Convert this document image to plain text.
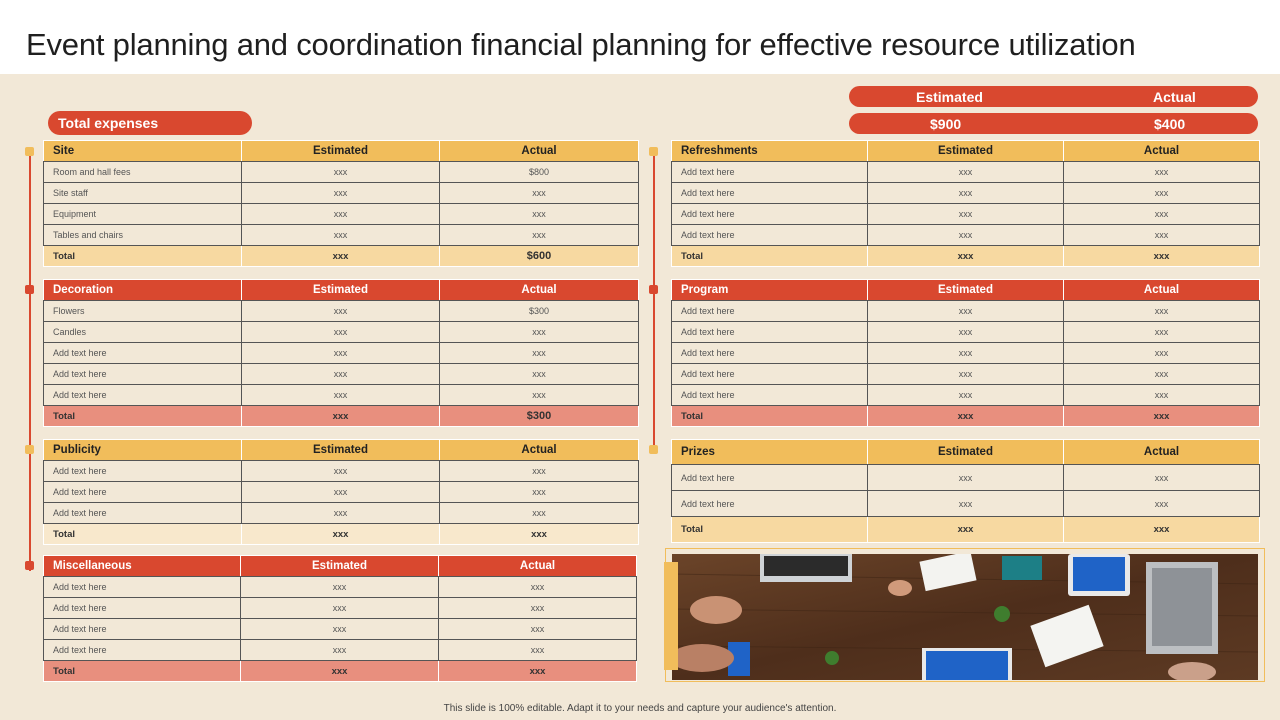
Event planning and coordination financial planning for effective resource utilization
Total expenses
Estimated	Actual
$900	$400
Site	Estimated	Actual
Room and hall fees	xxx	$800
Site staff	xxx	xxx
Equipment	xxx	xxx
Tables and chairs	xxx	xxx
Total	xxx	$600
Decoration	Estimated	Actual
Flowers	xxx	$300
Candles	xxx	xxx
Add text here	xxx	xxx
Add text here	xxx	xxx
Add text here	xxx	xxx
Total	xxx	$300
Publicity	Estimated	Actual
Add text here	xxx	xxx
Add text here	xxx	xxx
Add text here	xxx	xxx
Total	xxx	xxx
Miscellaneous	Estimated	Actual
Add text here	xxx	xxx
Add text here	xxx	xxx
Add text here	xxx	xxx
Add text here	xxx	xxx
Total	xxx	xxx
Refreshments	Estimated	Actual
Add text here	xxx	xxx
Add text here	xxx	xxx
Add text here	xxx	xxx
Add text here	xxx	xxx
Total	xxx	xxx
Program	Estimated	Actual
Add text here	xxx	xxx
Add text here	xxx	xxx
Add text here	xxx	xxx
Add text here	xxx	xxx
Add text here	xxx	xxx
Total	xxx	xxx
Prizes	Estimated	Actual
Add text here	xxx	xxx
Add text here	xxx	xxx
Total	xxx	xxx
This slide is 100% editable. Adapt it to your needs and capture your audience's attention.
